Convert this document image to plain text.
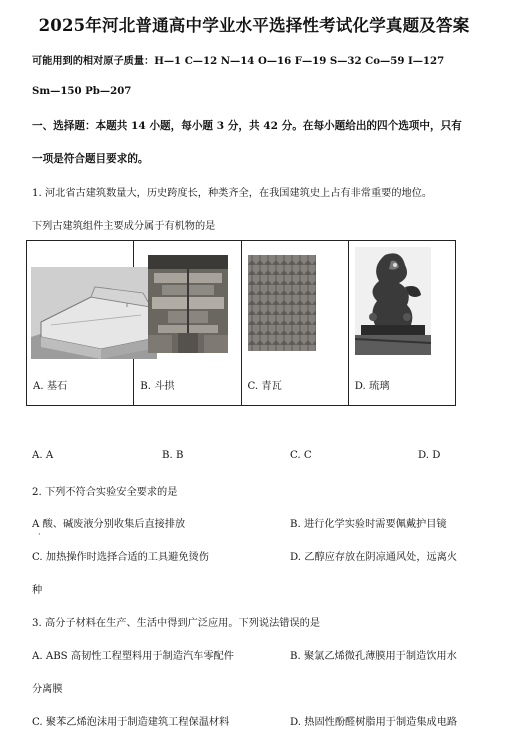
2025年河北普通高中学业水平选择性考试化学真题及答案
可能用到的相对原子质量：H—1 C—12 N—14 O—16 F—19 S—32 Co—59 I—127
Sm—150 Pb—207
一、选择题：本题共 14 小题，每小题 3 分，共 42 分。在每小题给出的四个选项中，只有
一项是符合题目要求的。
1. 河北省古建筑数量大，历史跨度长，种类齐全，在我国建筑史上占有非常重要的地位。
下列古建筑组件主要成分属于有机物的是
A. 基石	B. 斗拱	C. 青瓦	D. 琉璃
A. A	B. B	C. C	D. D
2. 下列不符合实验安全要求的是
A 酸、碱废液分别收集后直接排放
·
B. 进行化学实验时需要佩戴护目镜
C. 加热操作时选择合适的工具避免烫伤	D. 乙醇应存放在阴凉通风处，远离火
种
3. 高分子材料在生产、生活中得到广泛应用。下列说法错误的是
A. ABS 高韧性工程塑料用于制造汽车零配件	B. 聚氯乙烯微孔薄膜用于制造饮用水
分离膜
C. 聚苯乙烯泡沫用于制造建筑工程保温材料	D. 热固性酚醛树脂用于制造集成电路
